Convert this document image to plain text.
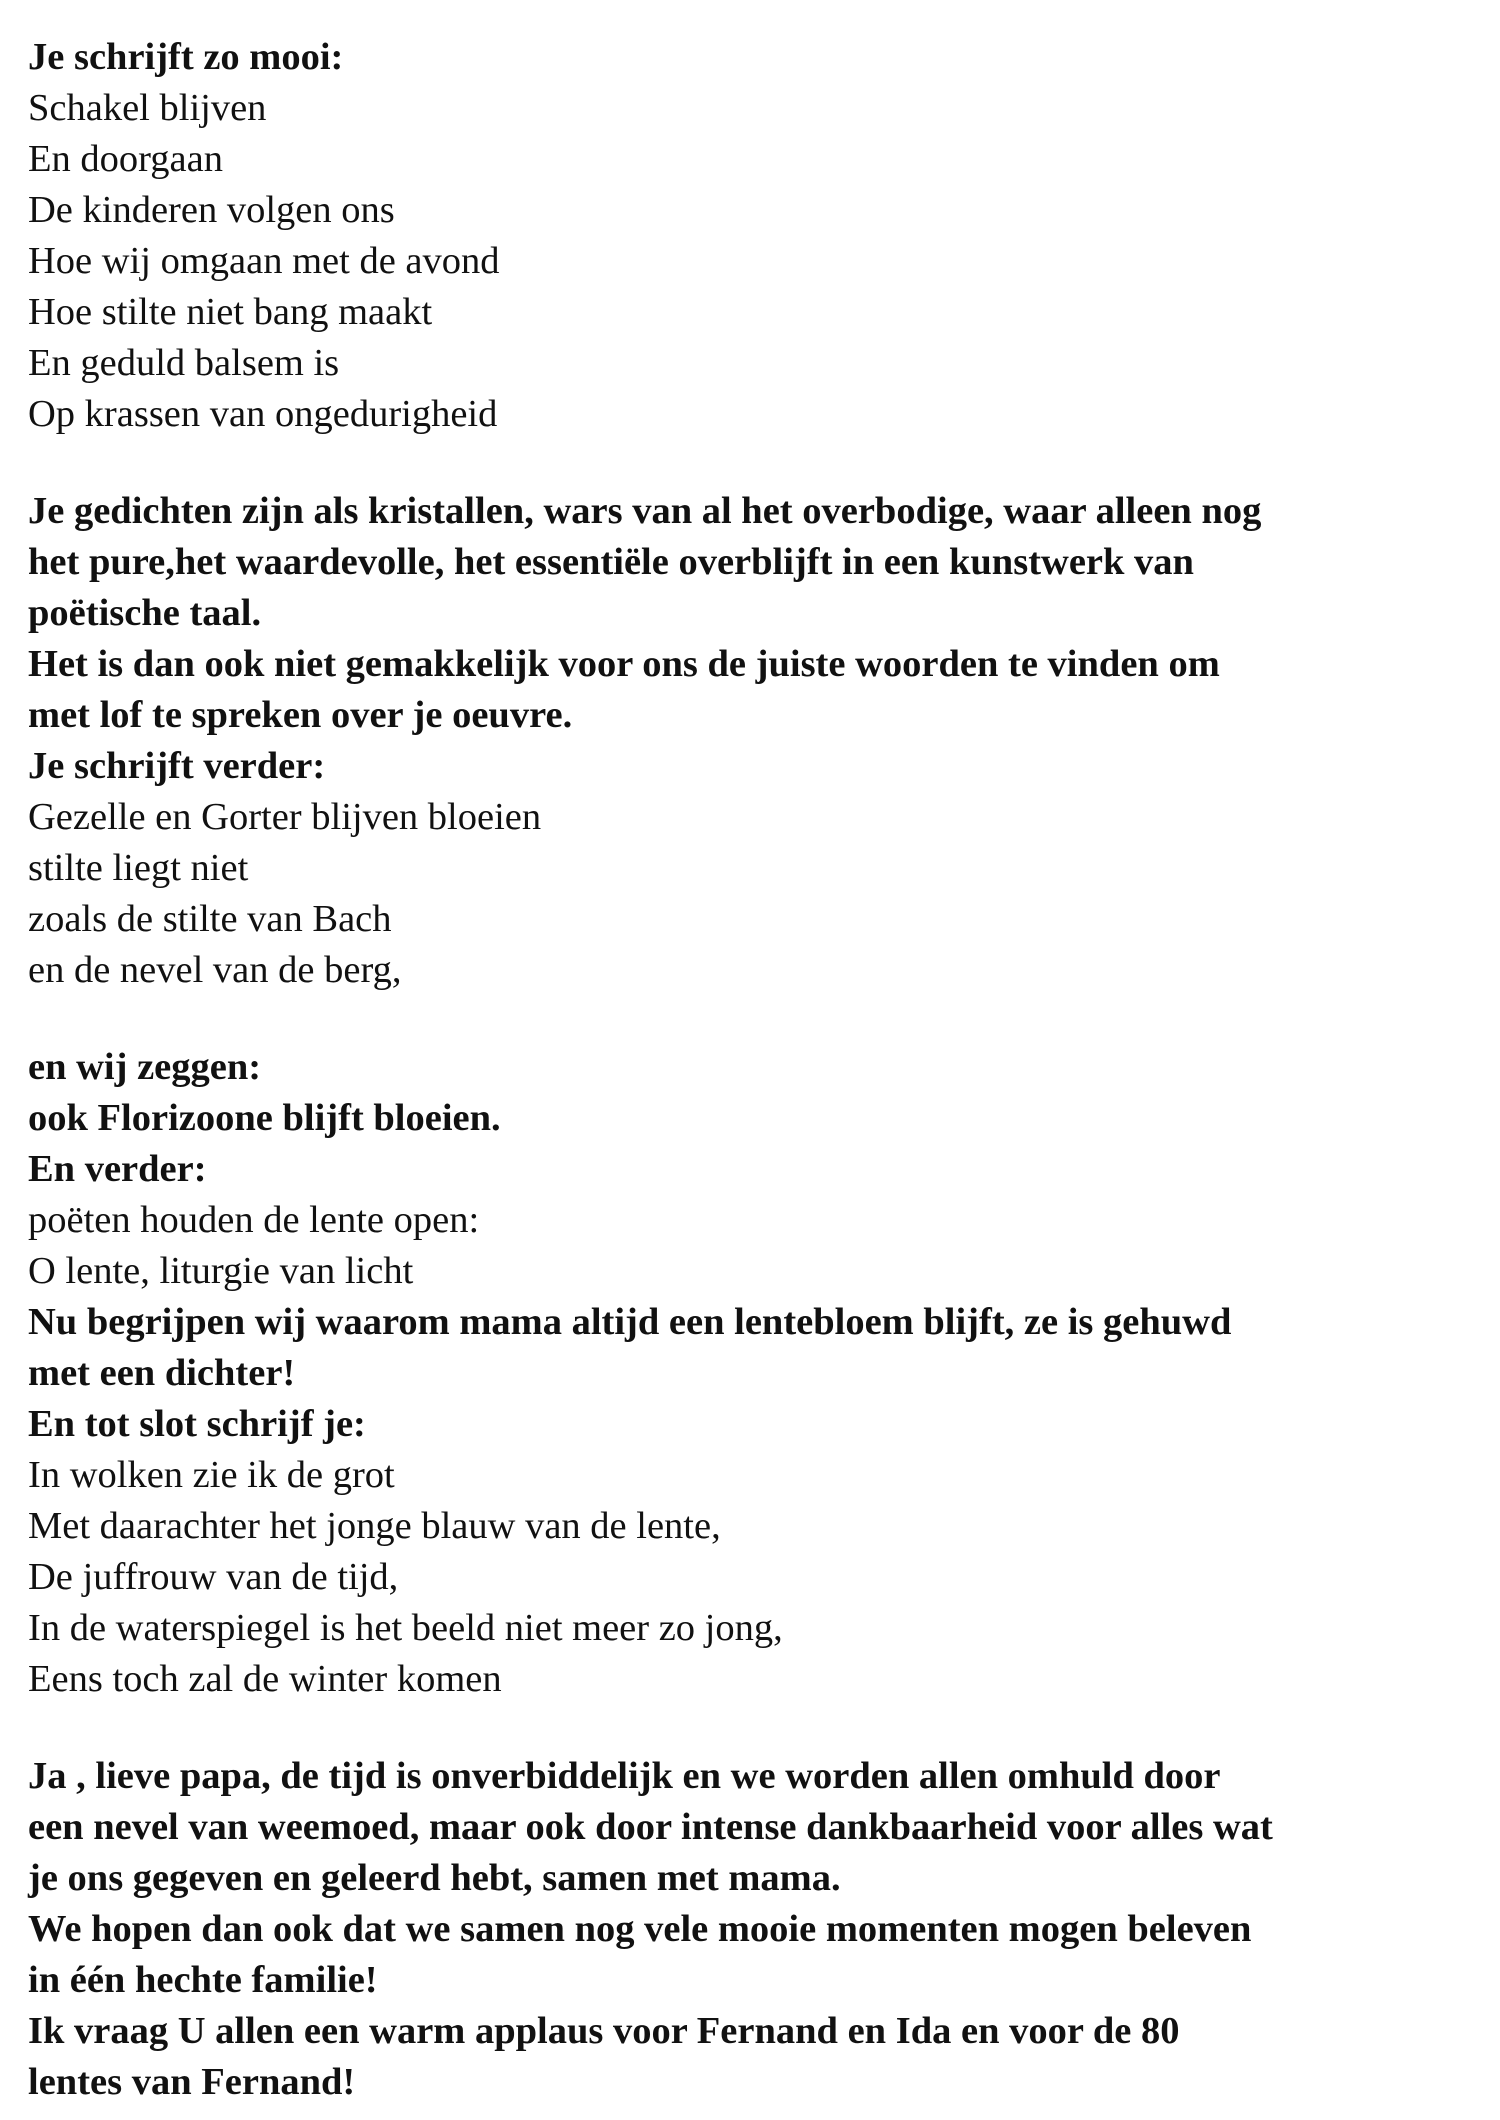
Je schrijft zo mooi:
Schakel blijven
En doorgaan
De kinderen volgen ons
Hoe wij omgaan met de avond
Hoe stilte niet bang maakt
En geduld balsem is
Op krassen van ongedurigheid
Je gedichten zijn als kristallen, wars van al het overbodige, waar alleen nog
het pure,het waardevolle, het essentiële overblijft in een kunstwerk van
poëtische taal.
Het is dan ook niet gemakkelijk voor ons de juiste woorden te vinden om
met lof te spreken over je oeuvre.
Je schrijft verder:
Gezelle en Gorter blijven bloeien
stilte liegt niet
zoals de stilte van Bach
en de nevel van de berg,
en wij zeggen:
ook Florizoone blijft bloeien.
En verder:
poëten houden de lente open:
O lente, liturgie van licht
Nu begrijpen wij waarom mama altijd een lentebloem blijft, ze is gehuwd
met een dichter!
En tot slot schrijf je:
In wolken zie ik de grot
Met daarachter het jonge blauw van de lente,
De juffrouw van de tijd,
In de waterspiegel is het beeld niet meer zo jong,
Eens toch zal de winter komen
Ja , lieve papa, de tijd is onverbiddelijk en we worden allen omhuld door
een nevel van weemoed, maar ook door intense dankbaarheid voor alles wat
je ons gegeven en geleerd hebt, samen met mama.
We hopen dan ook dat we samen nog vele mooie momenten mogen beleven
in één hechte familie!
Ik vraag U allen een warm applaus voor Fernand en Ida en voor de 80
lentes van Fernand!
